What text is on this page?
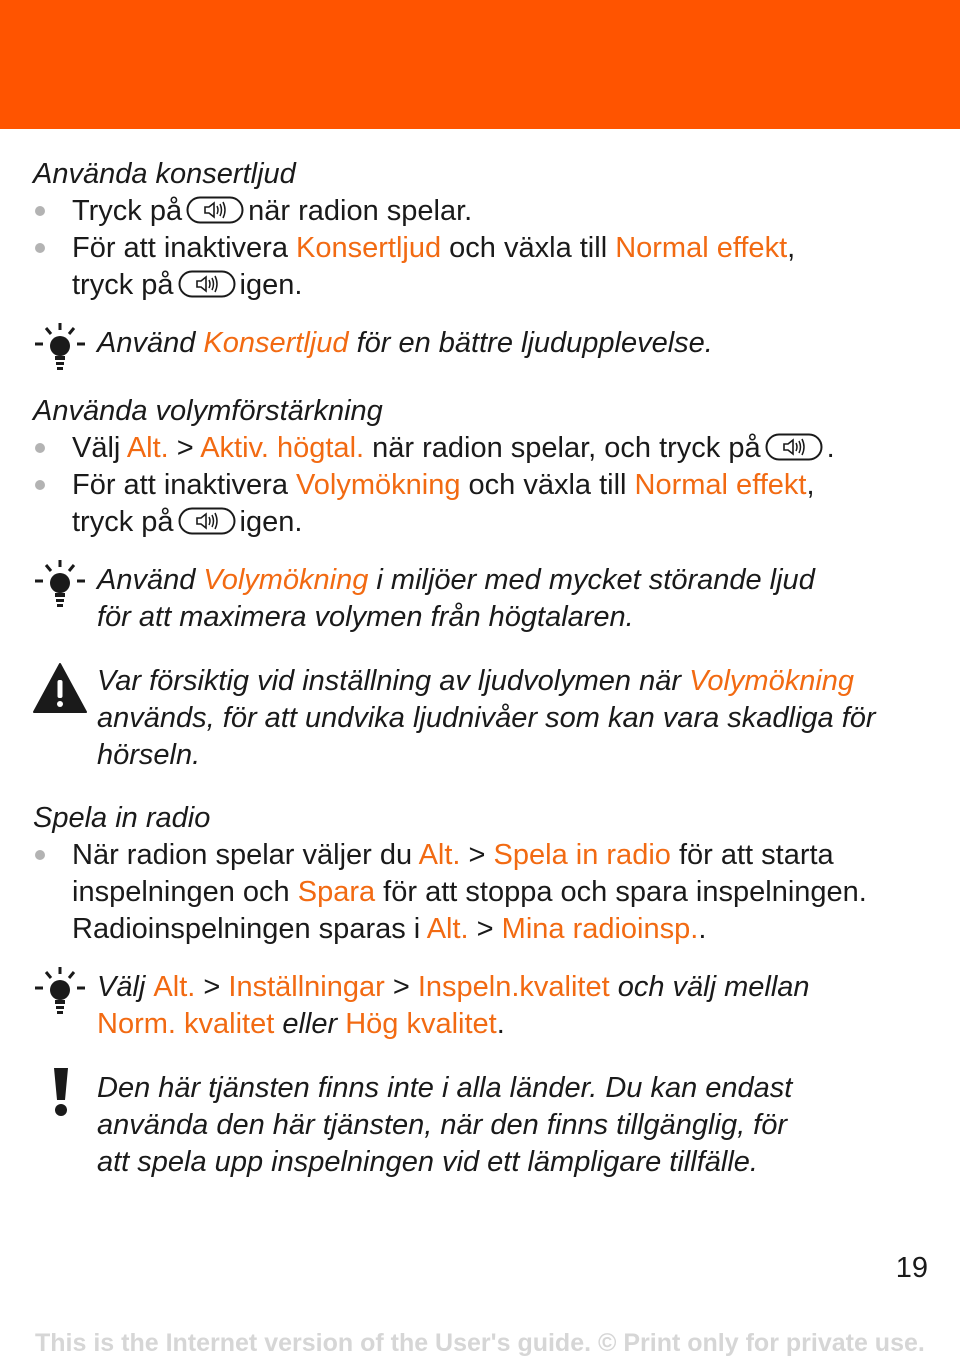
Använda konsertljud
Tryck på när radion spelar.
För att inaktivera Konsertljud och växla till Normal effekt,
tryck på igen.
Använd Konsertljud för en bättre ljudupplevelse.
Använda volymförstärkning
Välj Alt. > Aktiv. högtal. när radion spelar, och tryck på .
För att inaktivera Volymökning och växla till Normal effekt,
tryck på igen.
Använd Volymökning i miljöer med mycket störande ljud
för att maximera volymen från högtalaren.
Var försiktig vid inställning av ljudvolymen när Volymökning
används, för att undvika ljudnivåer som kan vara skadliga för
hörseln.
Spela in radio
När radion spelar väljer du Alt. > Spela in radio för att starta
inspelningen och Spara för att stoppa och spara inspelningen.
Radioinspelningen sparas i Alt. > Mina radioinsp..
Välj Alt. > Inställningar > Inspeln.kvalitet och välj mellan
Norm. kvalitet eller Hög kvalitet.
Den här tjänsten finns inte i alla länder. Du kan endast
använda den här tjänsten, när den finns tillgänglig, för
att spela upp inspelningen vid ett lämpligare tillfälle.
19
This is the Internet version of the User's guide. © Print only for private use.
